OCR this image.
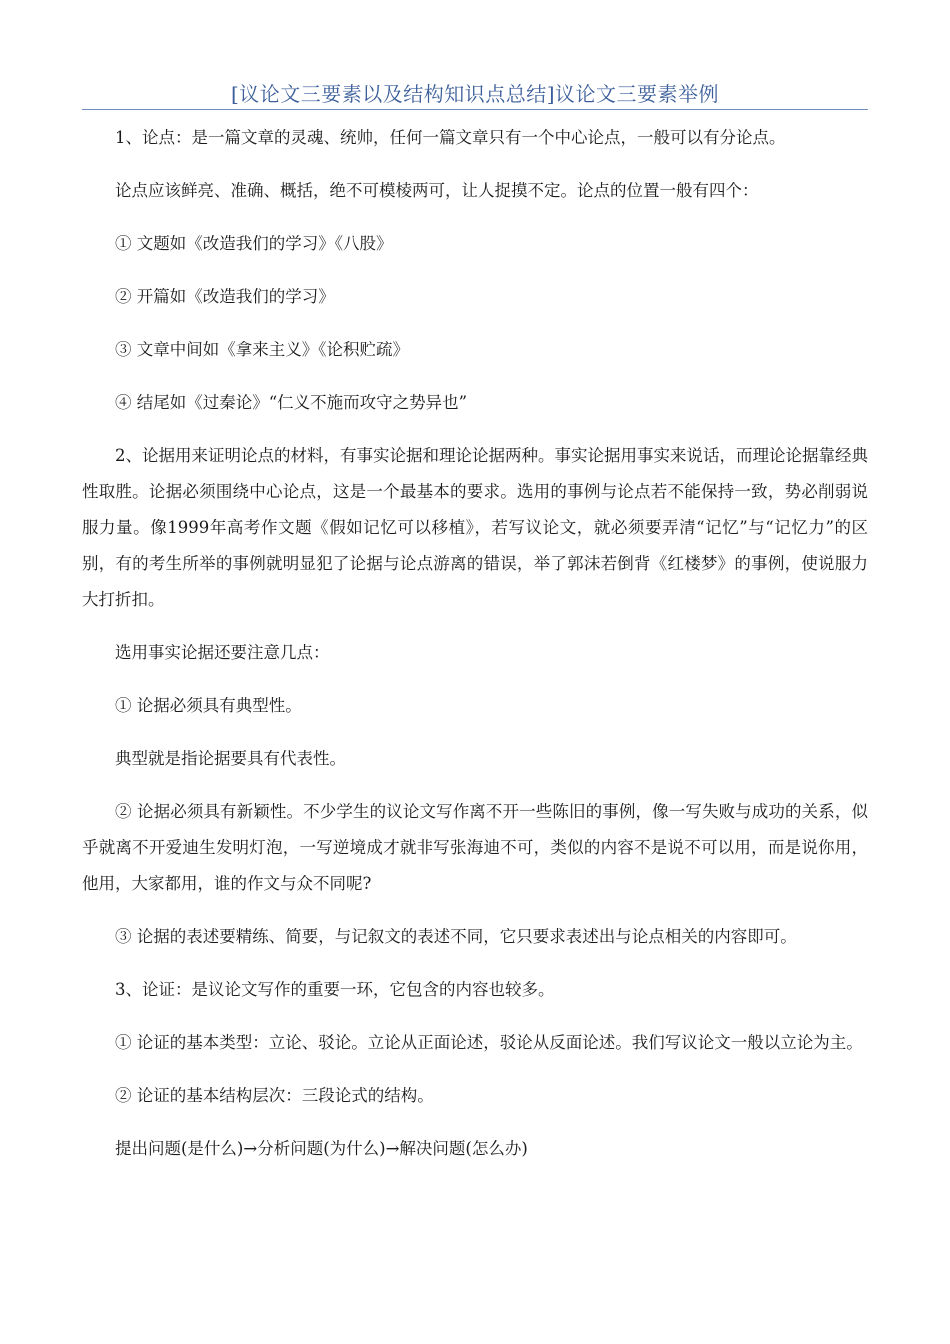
[议论文三要素以及结构知识点总结]议论文三要素举例

1、论点：是一篇文章的灵魂、统帅，任何一篇文章只有一个中心论点，一般可以有分论点。

论点应该鲜亮、准确、概括，绝不可模棱两可，让人捉摸不定。论点的位置一般有四个：

① 文题如《改造我们的学习》《八股》

② 开篇如《改造我们的学习》

③ 文章中间如《拿来主义》《论积贮疏》

④ 结尾如《过秦论》“仁义不施而攻守之势异也”

2、论据用来证明论点的材料，有事实论据和理论论据两种。事实论据用事实来说话，而理论论据靠经典性取胜。论据必须围绕中心论点，这是一个最基本的要求。选用的事例与论点若不能保持一致，势必削弱说服力量。像1999年高考作文题《假如记忆可以移植》，若写议论文，就必须要弄清“记忆”与“记忆力”的区别，有的考生所举的事例就明显犯了论据与论点游离的错误，举了郭沫若倒背《红楼梦》的事例，使说服力大打折扣。

选用事实论据还要注意几点：

① 论据必须具有典型性。

典型就是指论据要具有代表性。

② 论据必须具有新颖性。不少学生的议论文写作离不开一些陈旧的事例，像一写失败与成功的关系，似乎就离不开爱迪生发明灯泡，一写逆境成才就非写张海迪不可，类似的内容不是说不可以用，而是说你用，他用，大家都用，谁的作文与众不同呢?

③ 论据的表述要精练、简要，与记叙文的表述不同，它只要求表述出与论点相关的内容即可。

3、论证：是议论文写作的重要一环，它包含的内容也较多。

① 论证的基本类型：立论、驳论。立论从正面论述，驳论从反面论述。我们写议论文一般以立论为主。

② 论证的基本结构层次：三段论式的结构。

提出问题(是什么)→分析问题(为什么)→解决问题(怎么办)
